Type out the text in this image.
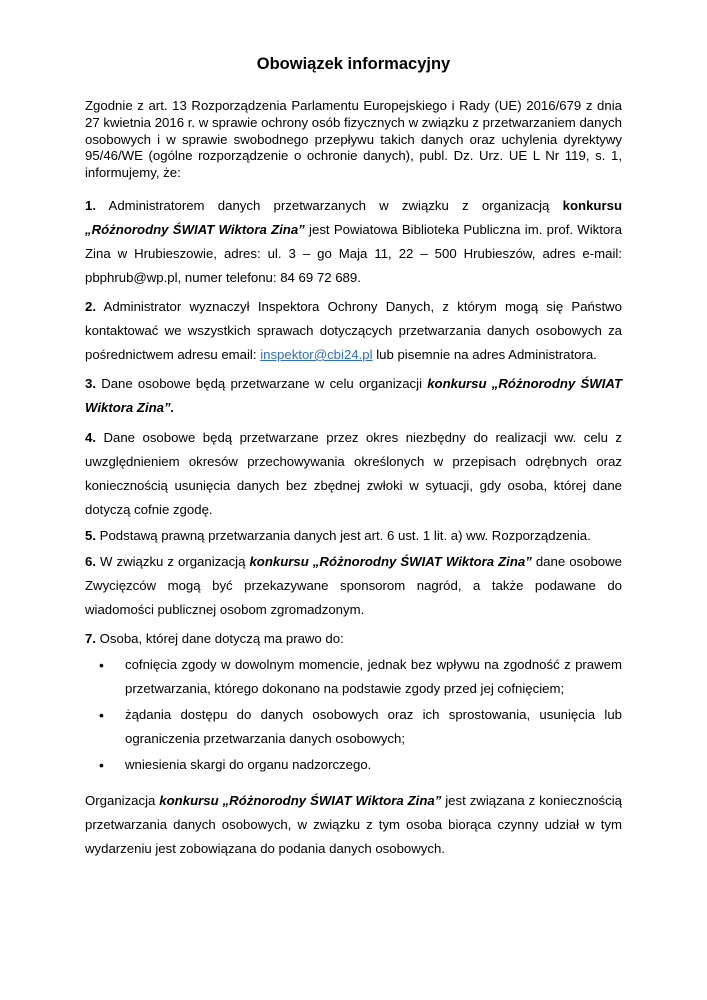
Obowiązek informacyjny
Zgodnie z art. 13 Rozporządzenia Parlamentu Europejskiego i Rady (UE) 2016/679 z dnia 27 kwietnia 2016 r. w sprawie ochrony osób fizycznych w związku z przetwarzaniem danych osobowych i w sprawie swobodnego przepływu takich danych oraz uchylenia dyrektywy 95/46/WE (ogólne rozporządzenie o ochronie danych), publ. Dz. Urz. UE L Nr 119, s. 1, informujemy, że:
1. Administratorem danych przetwarzanych w związku z organizacją konkursu „Różnorodny ŚWIAT Wiktora Zina” jest Powiatowa Biblioteka Publiczna im. prof. Wiktora Zina w Hrubieszowie, adres: ul. 3 – go Maja 11, 22 – 500 Hrubieszów, adres e-mail: pbphrub@wp.pl, numer telefonu: 84 69 72 689.
2. Administrator wyznaczył Inspektora Ochrony Danych, z którym mogą się Państwo kontaktować we wszystkich sprawach dotyczących przetwarzania danych osobowych za pośrednictwem adresu email: inspektor@cbi24.pl lub pisemnie na adres Administratora.
3. Dane osobowe będą przetwarzane w celu organizacji konkursu „Różnorodny ŚWIAT Wiktora Zina”.
4. Dane osobowe będą przetwarzane przez okres niezbędny do realizacji ww. celu z uwzględnieniem okresów przechowywania określonych w przepisach odrębnych oraz koniecznością usunięcia danych bez zbędnej zwłoki w sytuacji, gdy osoba, której dane dotyczą cofnie zgodę.
5. Podstawą prawną przetwarzania danych jest art. 6 ust. 1 lit. a) ww. Rozporządzenia.
6. W związku z organizacją konkursu „Różnorodny ŚWIAT Wiktora Zina” dane osobowe Zwycięzców mogą być przekazywane sponsorom nagród, a także podawane do wiadomości publicznej osobom zgromadzonym.
7. Osoba, której dane dotyczą ma prawo do:
• cofnięcia zgody w dowolnym momencie, jednak bez wpływu na zgodność z prawem przetwarzania, którego dokonano na podstawie zgody przed jej cofnięciem;
• żądania dostępu do danych osobowych oraz ich sprostowania, usunięcia lub ograniczenia przetwarzania danych osobowych;
• wniesienia skargi do organu nadzorczego.
Organizacja konkursu „Różnorodny ŚWIAT Wiktora Zina” jest związana z koniecznością przetwarzania danych osobowych, w związku z tym osoba biorąca czynny udział w tym wydarzeniu jest zobowiązana do podania danych osobowych.
